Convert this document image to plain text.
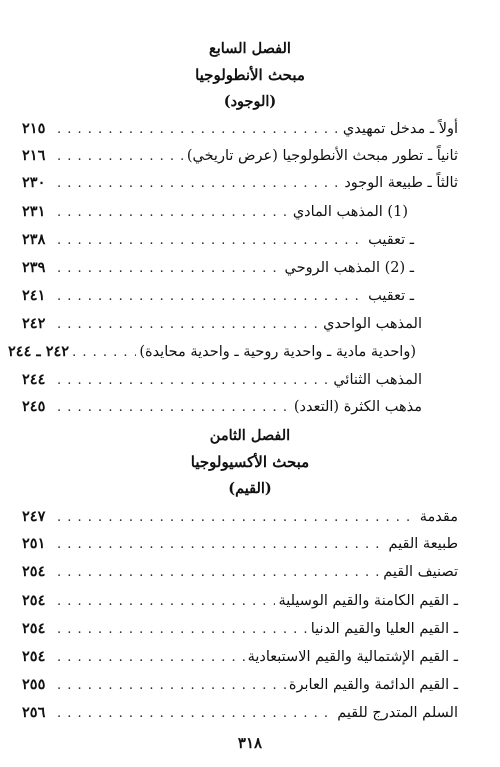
الفصل السابع
مبحث الأنطولوجيا
(الوجود)
أولاً ـ مدخل تمهيدي
. . .
٢١٥
ثانياً ـ تطور مبحث الأنطولوجيا (عرض تاريخي)
. . .
٢١٦
ثالثاً ـ طبيعة الوجود
. . .
٢٣٠
(1) المذهب المادي
. . .
٢٣١
ـ تعقيب
. . .
٢٣٨
ـ (2) المذهب الروحي
. . .
٢٣٩
ـ تعقيب
. . .
٢٤١
المذهب الواحدي
. . .
٢٤٢
(واحدية مادية ـ واحدية روحية ـ واحدية محايدة)
. . .
٢٤٢ ـ ٢٤٤
المذهب الثنائي
. . .
٢٤٤
مذهب الكثرة (التعدد)
. . .
٢٤٥
الفصل الثامن
مبحث الأكسيولوجيا
(القيم)
مقدمة
. . .
٢٤٧
طبيعة القيم
. . .
٢٥١
تصنيف القيم
. . .
٢٥٤
ـ القيم الكامنة والقيم الوسيلية
. . .
٢٥٤
ـ القيم العليا والقيم الدنيا
. . .
٢٥٤
ـ القيم الإشتمالية والقيم الاستبعادية
. . .
٢٥٤
ـ القيم الدائمة والقيم العابرة
. . .
٢٥٥
السلم المتدرج للقيم
. . .
٢٥٦
٣١٨
